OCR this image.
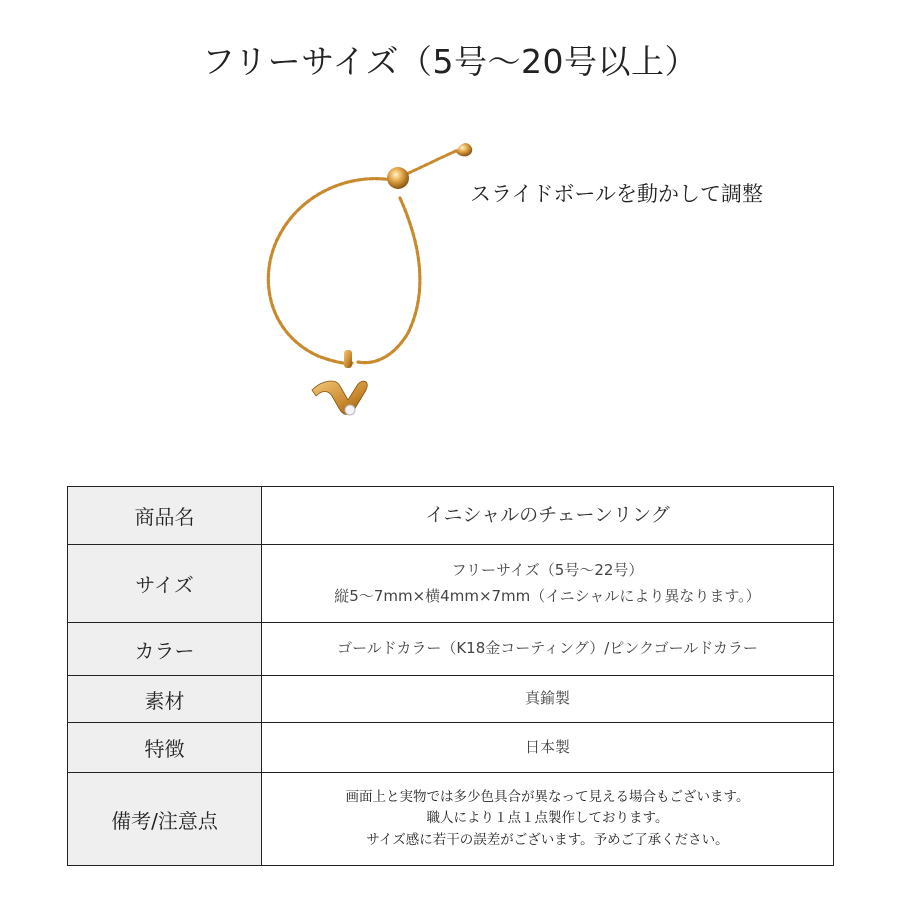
フリーサイズ（5号〜20号以上）
スライドボールを動かして調整
商品名	イニシャルのチェーンリング

サイズ	フリーサイズ（5号〜22号）
縦5〜7mm×横4mm×7mm（イニシャルにより異なります。）

カラー	ゴールドカラー（K18金コーティング）/ピンクゴールドカラー

素材	真鍮製

特徴	日本製

備考/注意点	画面上と実物では多少色具合が異なって見える場合もございます。
職人により１点１点製作しております。
サイズ感に若干の誤差がございます。予めご了承ください。
